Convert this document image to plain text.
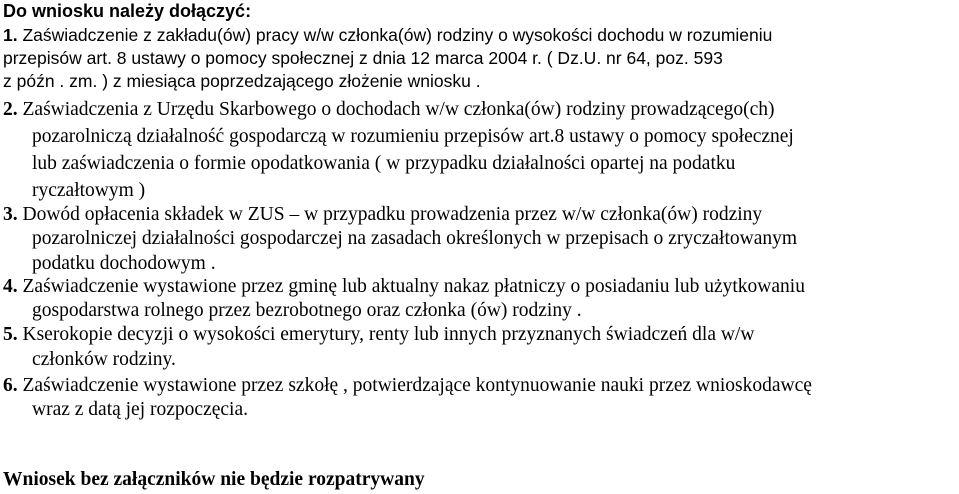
Do wniosku należy dołączyć:
1. Zaświadczenie z zakładu(ów) pracy w/w członka(ów) rodziny o wysokości dochodu w rozumieniu
przepisów art. 8 ustawy o pomocy społecznej z dnia 12 marca 2004 r. ( Dz.U. nr 64, poz. 593
z późn . zm. ) z miesiąca poprzedzającego złożenie wniosku .
2. Zaświadczenia z Urzędu Skarbowego o dochodach w/w członka(ów) rodziny prowadzącego(ch)
pozarolniczą działalność gospodarczą w rozumieniu przepisów art.8 ustawy o pomocy społecznej
lub zaświadczenia o formie opodatkowania ( w przypadku działalności opartej na podatku
ryczałtowym )
3. Dowód opłacenia składek w ZUS – w przypadku prowadzenia przez w/w członka(ów) rodziny
pozarolniczej działalności gospodarczej na zasadach określonych w przepisach o zryczałtowanym
podatku dochodowym .
4. Zaświadczenie wystawione przez gminę lub aktualny nakaz płatniczy o posiadaniu lub użytkowaniu
gospodarstwa rolnego przez bezrobotnego oraz członka (ów) rodziny .
5. Kserokopie decyzji o wysokości emerytury, renty lub innych przyznanych świadczeń dla w/w
członków rodziny.
6. Zaświadczenie wystawione przez szkołę , potwierdzające kontynuowanie nauki przez wnioskodawcę
wraz z datą jej rozpoczęcia.
Wniosek bez załączników nie będzie rozpatrywany
